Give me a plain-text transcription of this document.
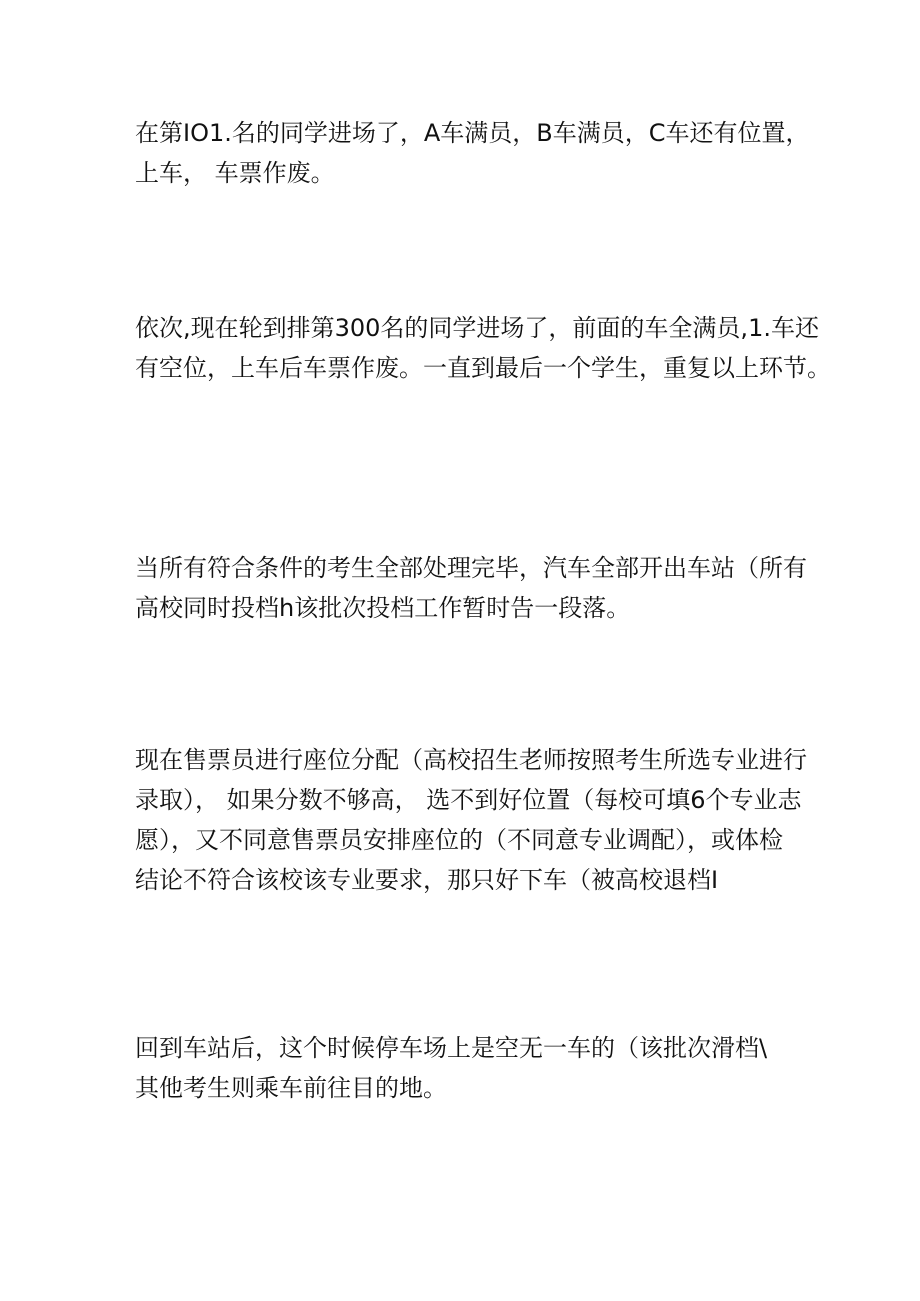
在第IO1.名的同学进场了，A车满员，B车满员，C车还有位置，
上车， 车票作废。
依次,现在轮到排第300名的同学进场了，前面的车全满员,1.车还
有空位，上车后车票作废。一直到最后一个学生，重复以上环节。
当所有符合条件的考生全部处理完毕，汽车全部开出车站（所有
高校同时投档h该批次投档工作暂时告一段落。
现在售票员进行座位分配（高校招生老师按照考生所选专业进行
录取）， 如果分数不够高， 选不到好位置（每校可填6个专业志
愿），又不同意售票员安排座位的（不同意专业调配），或体检
结论不符合该校该专业要求，那只好下车（被高校退档I
回到车站后，这个时候停车场上是空无一车的（该批次滑档\
其他考生则乘车前往目的地。
